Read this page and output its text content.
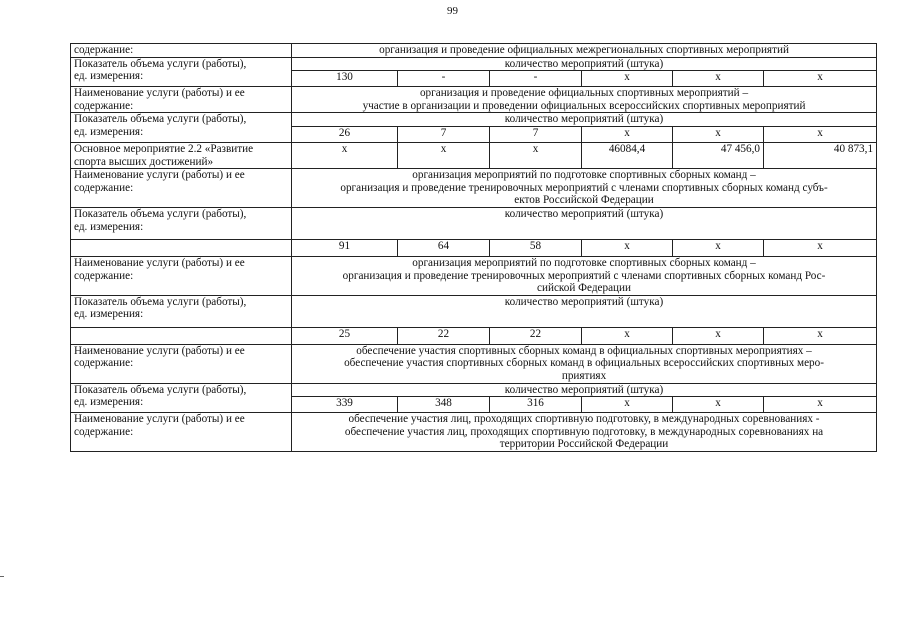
99
содержание:	организация и проведение официальных межрегиональных спортивных мероприятий					

Показатель объема услуги (работы),
ед. измерения:	количество мероприятий (штука)					
	130	-	-	х	х	х

Наименование услуги (работы) и ее
содержание:	организация и проведение официальных спортивных мероприятий –
участие в организации и проведении официальных всероссийских спортивных мероприятий					

Показатель объема услуги (работы),
ед. измерения:	количество мероприятий (штука)					
	26	7	7	х	х	х

Основное мероприятие 2.2 «Развитие
спорта высших достижений»	х	х	х	46084,4	47 456,0	40 873,1

Наименование услуги (работы) и ее
содержание:	организация мероприятий по подготовке спортивных сборных команд –
организация и проведение тренировочных мероприятий с членами спортивных сборных команд субъ-
ектов Российской Федерации					

Показатель объема услуги (работы),
ед. измерения:	количество мероприятий (штука)					
	91	64	58	х	х	х

Наименование услуги (работы) и ее
содержание:	организация мероприятий по подготовке спортивных сборных команд –
организация и проведение тренировочных мероприятий с членами спортивных сборных команд Рос-
сийской Федерации					

Показатель объема услуги (работы),
ед. измерения:	количество мероприятий (штука)					
	25	22	22	х	х	х

Наименование услуги (работы) и ее
содержание:	обеспечение участия спортивных сборных команд в официальных спортивных мероприятиях –
обеспечение участия спортивных сборных команд в официальных всероссийских спортивных меро-
приятиях					

Показатель объема услуги (работы),
ед. измерения:	количество мероприятий (штука)					
	339	348	316	х	х	х

Наименование услуги (работы) и ее
содержание:	обеспечение участия лиц, проходящих спортивную подготовку, в международных соревнованиях -
обеспечение участия лиц, проходящих спортивную подготовку, в международных соревнованиях на
территории Российской Федерации					
